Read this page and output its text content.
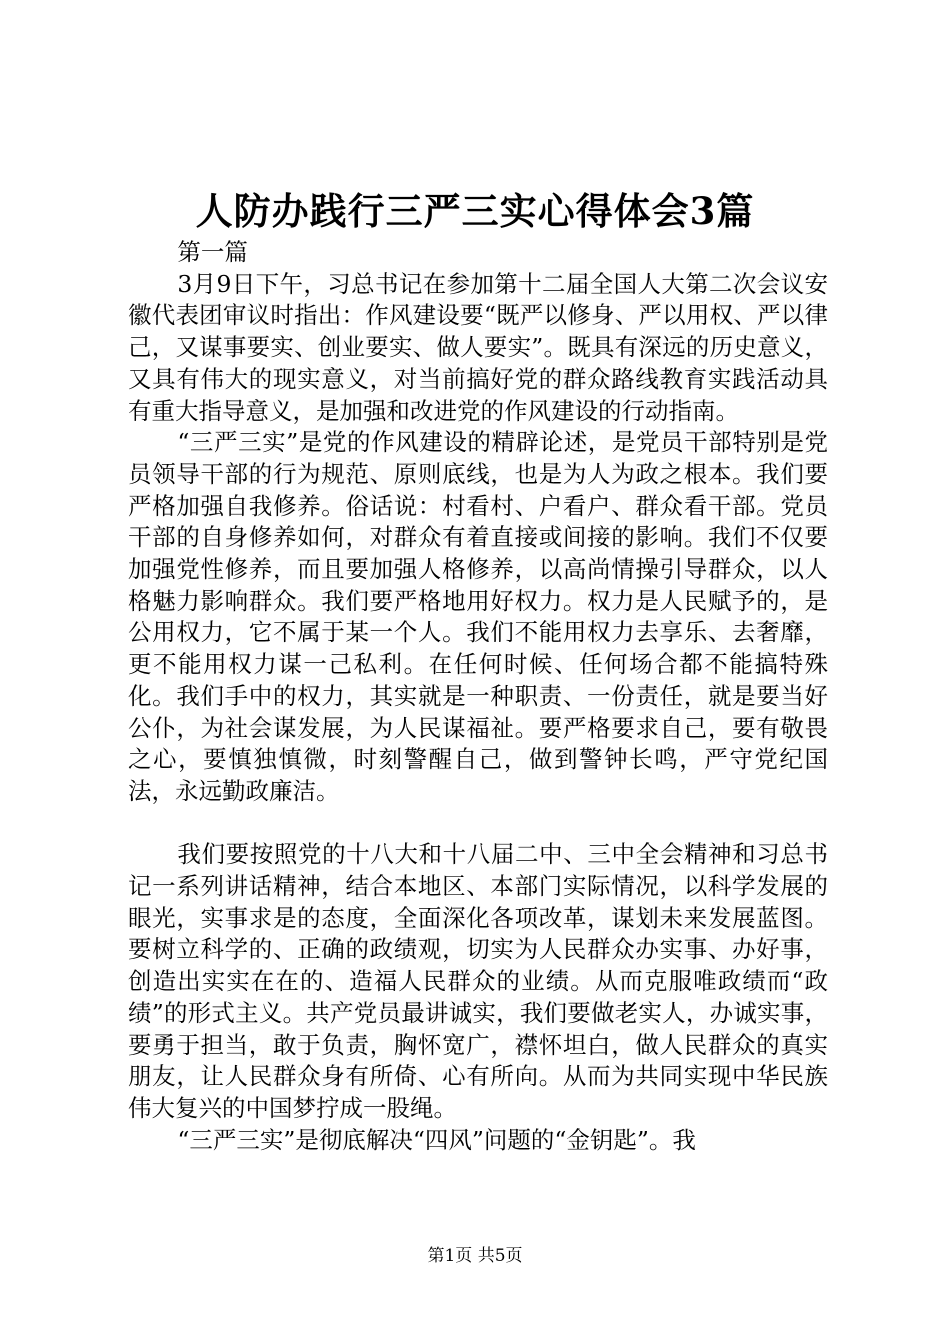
人防办践行三严三实心得体会3篇

第一篇

3月9日下午，习总书记在参加第十二届全国人大第二次会议安徽代表团审议时指出：作风建设要“既严以修身、严以用权、严以律己，又谋事要实、创业要实、做人要实”。既具有深远的历史意义，又具有伟大的现实意义，对当前搞好党的群众路线教育实践活动具有重大指导意义，是加强和改进党的作风建设的行动指南。

“三严三实”是党的作风建设的精辟论述，是党员干部特别是党员领导干部的行为规范、原则底线，也是为人为政之根本。我们要严格加强自我修养。俗话说：村看村、户看户、群众看干部。党员干部的自身修养如何，对群众有着直接或间接的影响。我们不仅要加强党性修养，而且要加强人格修养，以高尚情操引导群众，以人格魅力影响群众。我们要严格地用好权力。权力是人民赋予的，是公用权力，它不属于某一个人。我们不能用权力去享乐、去奢靡，更不能用权力谋一己私利。在任何时候、任何场合都不能搞特殊化。我们手中的权力，其实就是一种职责、一份责任，就是要当好公仆，为社会谋发展，为人民谋福祉。要严格要求自己，要有敬畏之心，要慎独慎微，时刻警醒自己，做到警钟长鸣，严守党纪国法，永远勤政廉洁。

我们要按照党的十八大和十八届二中、三中全会精神和习总书记一系列讲话精神，结合本地区、本部门实际情况，以科学发展的眼光，实事求是的态度，全面深化各项改革，谋划未来发展蓝图。要树立科学的、正确的政绩观，切实为人民群众办实事、办好事，创造出实实在在的、造福人民群众的业绩。从而克服唯政绩而“政绩”的形式主义。共产党员最讲诚实，我们要做老实人，办诚实事，要勇于担当，敢于负责，胸怀宽广，襟怀坦白，做人民群众的真实朋友，让人民群众身有所倚、心有所向。从而为共同实现中华民族伟大复兴的中国梦拧成一股绳。

“三严三实”是彻底解决“四风”问题的“金钥匙”。我

第1页 共5页
